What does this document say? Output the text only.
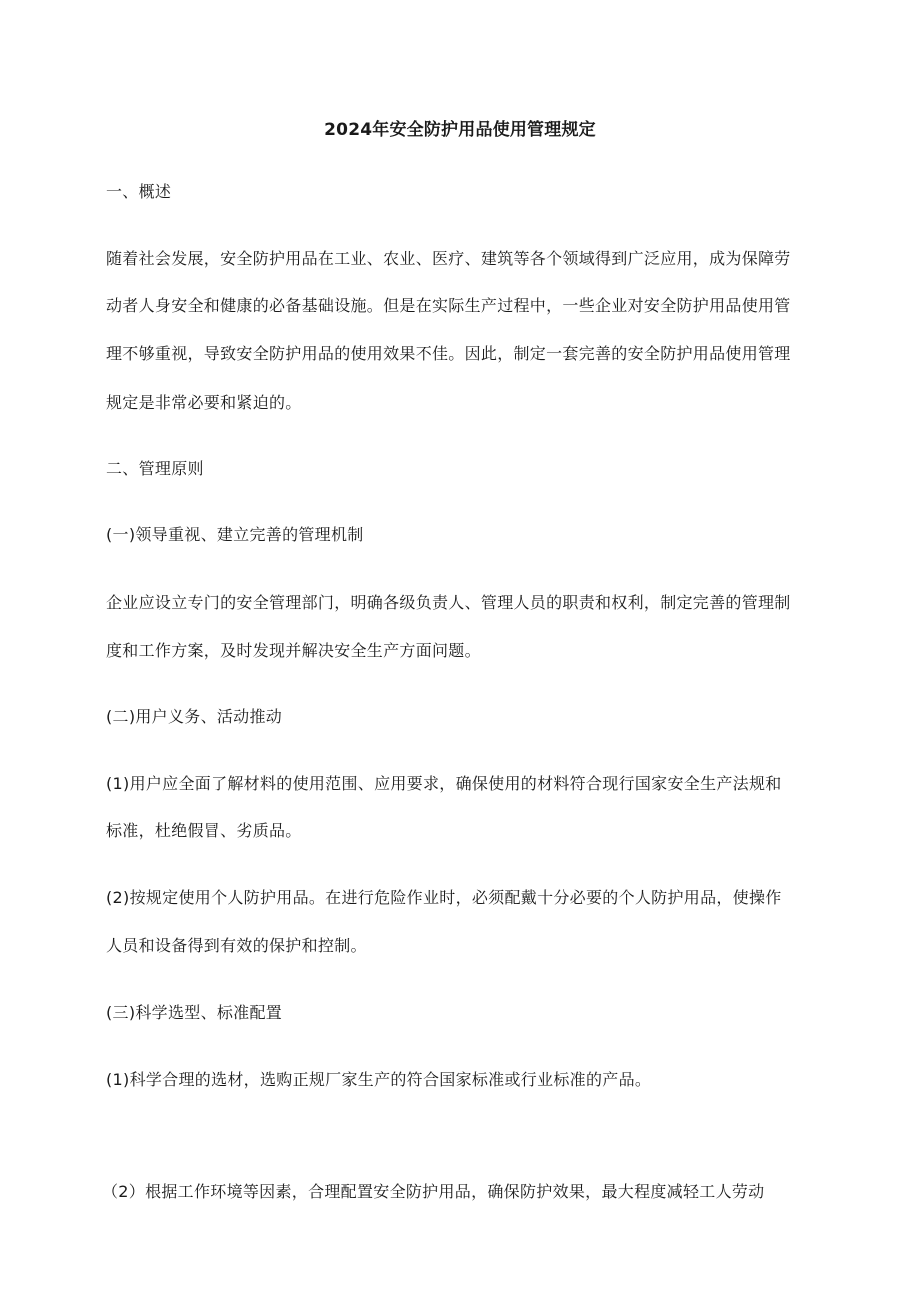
2024年安全防护用品使用管理规定
一、概述
随着社会发展，安全防护用品在工业、农业、医疗、建筑等各个领域得到广泛应用，成为保障劳
动者人身安全和健康的必备基础设施。但是在实际生产过程中，一些企业对安全防护用品使用管
理不够重视，导致安全防护用品的使用效果不佳。因此，制定一套完善的安全防护用品使用管理
规定是非常必要和紧迫的。
二、管理原则
(一)领导重视、建立完善的管理机制
企业应设立专门的安全管理部门，明确各级负责人、管理人员的职责和权利，制定完善的管理制
度和工作方案，及时发现并解决安全生产方面问题。
(二)用户义务、活动推动
(1)用户应全面了解材料的使用范围、应用要求，确保使用的材料符合现行国家安全生产法规和
标准，杜绝假冒、劣质品。
(2)按规定使用个人防护用品。在进行危险作业时，必须配戴十分必要的个人防护用品，使操作
人员和设备得到有效的保护和控制。
(三)科学选型、标准配置
(1)科学合理的选材，选购正规厂家生产的符合国家标准或行业标准的产品。
（2）根据工作环境等因素，合理配置安全防护用品，确保防护效果，最大程度减轻工人劳动
